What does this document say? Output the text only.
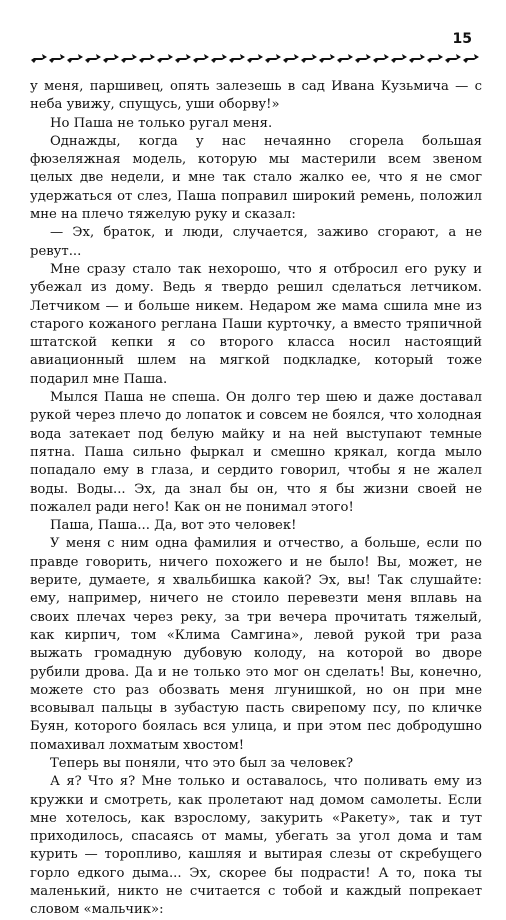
15

у меня, паршивец, опять залезешь в сад Ивана Кузьмича — с неба увижу, спущусь, уши оборву!»

Но Паша не только ругал меня.

Однажды, когда у нас нечаянно сгорела большая фюзеляжная модель, которую мы мастерили всем звеном целых две недели, и мне так стало жалко ее, что я не смог удержаться от слез, Паша поправил широкий ремень, положил мне на плечо тяжелую руку и сказал:

— Эх, браток, и люди, случается, заживо сгорают, а не ревут...

Мне сразу стало так нехорошо, что я отбросил его руку и убежал из дому. Ведь я твердо решил сделаться летчиком. Летчиком — и больше никем. Недаром же мама сшила мне из старого кожаного реглана Паши курточку, а вместо тряпичной штатской кепки я со второго класса носил настоящий авиационный шлем на мягкой подкладке, который тоже подарил мне Паша.

Мылся Паша не спеша. Он долго тер шею и даже доставал рукой через плечо до лопаток и совсем не боялся, что холодная вода затекает под белую майку и на ней выступают темные пятна. Паша сильно фыркал и смешно крякал, когда мыло попадало ему в глаза, и сердито говорил, чтобы я не жалел воды. Воды... Эх, да знал бы он, что я бы жизни своей не пожалел ради него! Как он не понимал этого!

Паша, Паша... Да, вот это человек!

У меня с ним одна фамилия и отчество, а больше, если по правде говорить, ничего похожего и не было! Вы, может, не верите, думаете, я хвальбишка какой? Эх, вы! Так слушайте: ему, например, ничего не стоило перевезти меня вплавь на своих плечах через реку, за три вечера прочитать тяжелый, как кирпич, том «Клима Самгина», левой рукой три раза выжать громадную дубовую колоду, на которой во дворе рубили дрова. Да и не только это мог он сделать! Вы, конечно, можете сто раз обозвать меня лгунишкой, но он при мне всовывал пальцы в зубастую пасть свирепому псу, по кличке Буян, которого боялась вся улица, и при этом пес добродушно помахивал лохматым хвостом!

Теперь вы поняли, что это был за человек?

А я? Что я? Мне только и оставалось, что поливать ему из кружки и смотреть, как пролетают над домом самолеты. Если мне хотелось, как взрослому, закурить «Ракету», так и тут приходилось, спасаясь от мамы, убегать за угол дома и там курить — торопливо, кашляя и вытирая слезы от скребущего горло едкого дыма... Эх, скорее бы подрасти! А то, пока ты маленький, никто не считается с тобой и каждый попрекает словом «мальчик»:
